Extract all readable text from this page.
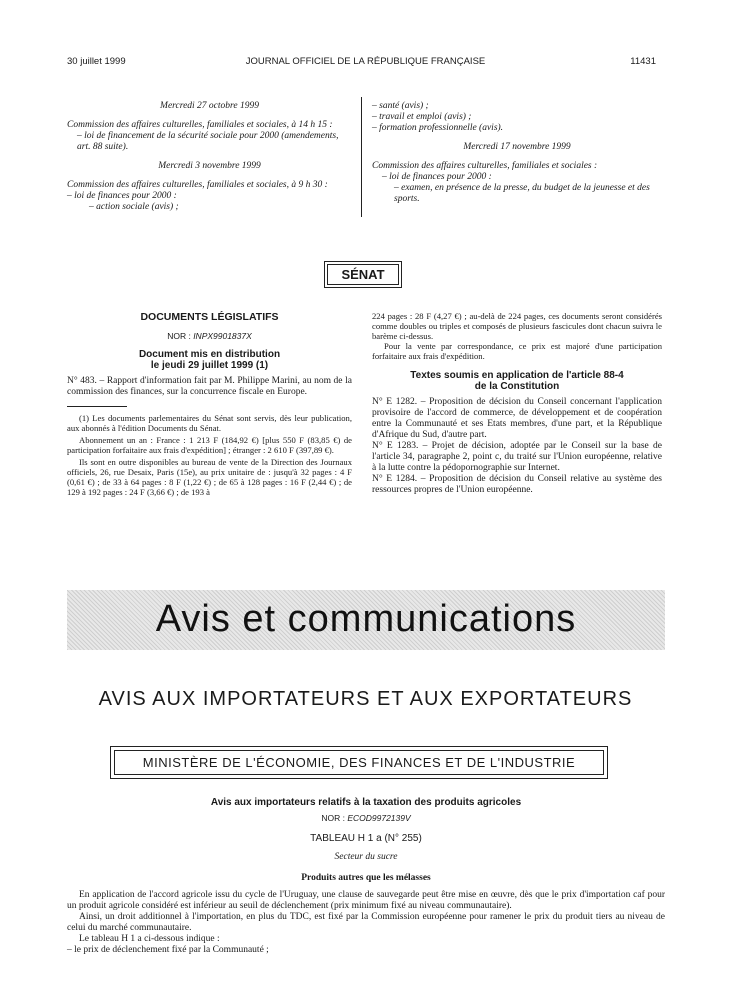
30 juillet 1999	JOURNAL OFFICIEL DE LA RÉPUBLIQUE FRANÇAISE	11431
Mercredi 27 octobre 1999
Commission des affaires culturelles, familiales et sociales, à 14 h 15 :
– loi de financement de la sécurité sociale pour 2000 (amendements, art. 88 suite).
Mercredi 3 novembre 1999
Commission des affaires culturelles, familiales et sociales, à 9 h 30 :
– loi de finances pour 2000 :
– action sociale (avis) ;
– santé (avis) ;
– travail et emploi (avis) ;
– formation professionnelle (avis).
Mercredi 17 novembre 1999
Commission des affaires culturelles, familiales et sociales :
– loi de finances pour 2000 :
– examen, en présence de la presse, du budget de la jeunesse et des sports.
SÉNAT
DOCUMENTS LÉGISLATIFS
NOR : INPX9901837X
Document mis en distribution
le jeudi 29 juillet 1999 (1)
N° 483. – Rapport d'information fait par M. Philippe Marini, au nom de la commission des finances, sur la concurrence fiscale en Europe.

(1) Les documents parlementaires du Sénat sont servis, dès leur publication, aux abonnés à l'édition Documents du Sénat.

Abonnement un an : France : 1 213 F (184,92 €) [plus 550 F (83,85 €) de participation forfaitaire aux frais d'expédition] ; étranger : 2 610 F (397,89 €).

Ils sont en outre disponibles au bureau de vente de la Direction des Journaux officiels, 26, rue Desaix, Paris (15e), au prix unitaire de : jusqu'à 32 pages : 4 F (0,61 €) ; de 33 à 64 pages : 8 F (1,22 €) ; de 65 à 128 pages : 16 F (2,44 €) ; de 129 à 192 pages : 24 F (3,66 €) ; de 193 à

224 pages : 28 F (4,27 €) ; au-delà de 224 pages, ces documents seront considérés comme doubles ou triples et composés de plusieurs fascicules dont chacun suivra le barème ci-dessus.
Pour la vente par correspondance, ce prix est majoré d'une participation forfaitaire aux frais d'expédition.
Textes soumis en application de l'article 88-4
de la Constitution
N° E 1282. – Proposition de décision du Conseil concernant l'application provisoire de l'accord de commerce, de développement et de coopération entre la Communauté et ses Etats membres, d'une part, et la République d'Afrique du Sud, d'autre part.
N° E 1283. – Projet de décision, adoptée par le Conseil sur la base de l'article 34, paragraphe 2, point c, du traité sur l'Union européenne, relative à la lutte contre la pédopornographie sur Internet.
N° E 1284. – Proposition de décision du Conseil relative au système des ressources propres de l'Union européenne.
Avis et communications
AVIS AUX IMPORTATEURS ET AUX EXPORTATEURS
MINISTÈRE DE L'ÉCONOMIE, DES FINANCES ET DE L'INDUSTRIE
Avis aux importateurs relatifs à la taxation des produits agricoles
NOR : ECOD9972139V
TABLEAU H 1 a (N° 255)
Secteur du sucre
Produits autres que les mélasses

En application de l'accord agricole issu du cycle de l'Uruguay, une clause de sauvegarde peut être mise en œuvre, dès que le prix d'importation caf pour un produit agricole considéré est inférieur au seuil de déclenchement (prix minimum fixé au niveau communautaire).

Ainsi, un droit additionnel à l'importation, en plus du TDC, est fixé par la Commission européenne pour ramener le prix du produit tiers au niveau de celui du marché communautaire.

Le tableau H 1 a ci-dessous indique :

– le prix de déclenchement fixé par la Communauté ;
